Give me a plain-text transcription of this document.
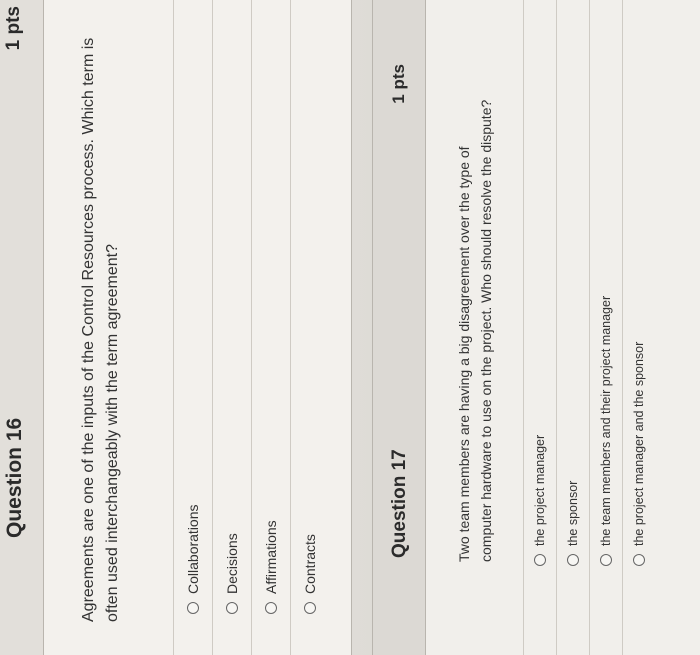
Question 16
1 pts
Agreements are one of the inputs of the Control Resources process. Which term is often used interchangeably with the term agreement?	Collaborations Decisions Affirmations Contracts
Question 17
1 pts
Two team members are having a big disagreement over the type of computer hardware to use on the project. Who should resolve the dispute?	the project manager the sponsor the team members and their project manager the project manager and the sponsor
